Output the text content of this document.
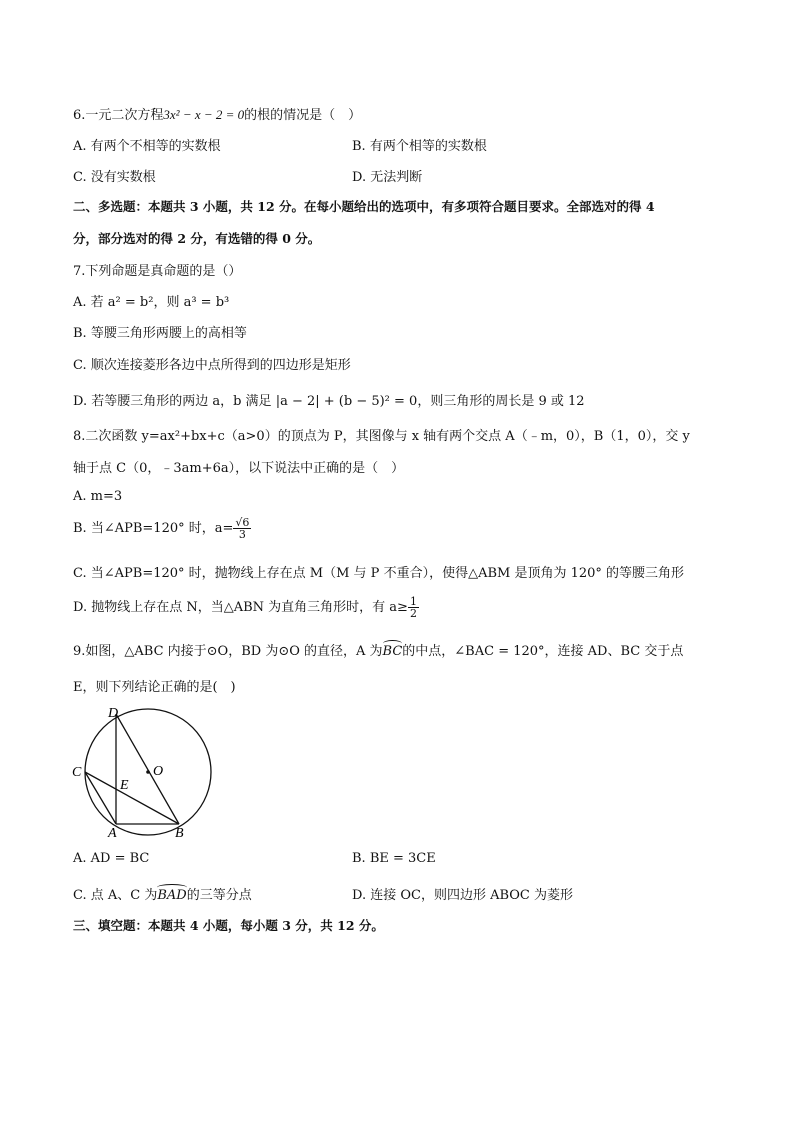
6.一元二次方程3x² − x − 2 = 0的根的情况是（　）
A. 有两个不相等的实数根	B. 有两个相等的实数根
C. 没有实数根	D. 无法判断
二、多选题：本题共 3 小题，共 12 分。在每小题给出的选项中，有多项符合题目要求。全部选对的得 4
分，部分选对的得 2 分，有选错的得 0 分。
7.下列命题是真命题的是（）
A. 若 a² = b²，则 a³ = b³
B. 等腰三角形两腰上的高相等
C. 顺次连接菱形各边中点所得到的四边形是矩形
D. 若等腰三角形的两边 a，b 满足 |a − 2| + (b − 5)² = 0，则三角形的周长是 9 或 12
8.二次函数 y=ax²+bx+c（a>0）的顶点为 P，其图像与 x 轴有两个交点 A（﹣m，0），B（1，0），交 y
轴于点 C（0，﹣3am+6a），以下说法中正确的是（　）
A. m=3
B. 当∠APB=120° 时，$a= \frac{√6}{3}$
C. 当∠APB=120° 时，抛物线上存在点 M（M 与 P 不重合），使得△ABM 是顶角为 120° 的等腰三角形
D. 抛物线上存在点 N，当△ABN 为直角三角形时，有 $a\ge \frac{1}{2}$
9.如图，△ABC 内接于⊙O，BD 为⊙O 的直径，A 为BC的中点，∠BAC = 120°，连接 AD、BC 交于点
E，则下列结论正确的是(　)
D
C
E
O
A	B
A. AD = BC	B. BE = 3CE
C. 点 A、C 为BAD的三等分点	D. 连接 OC，则四边形 ABOC 为菱形
三、填空题：本题共 4 小题，每小题 3 分，共 12 分。
